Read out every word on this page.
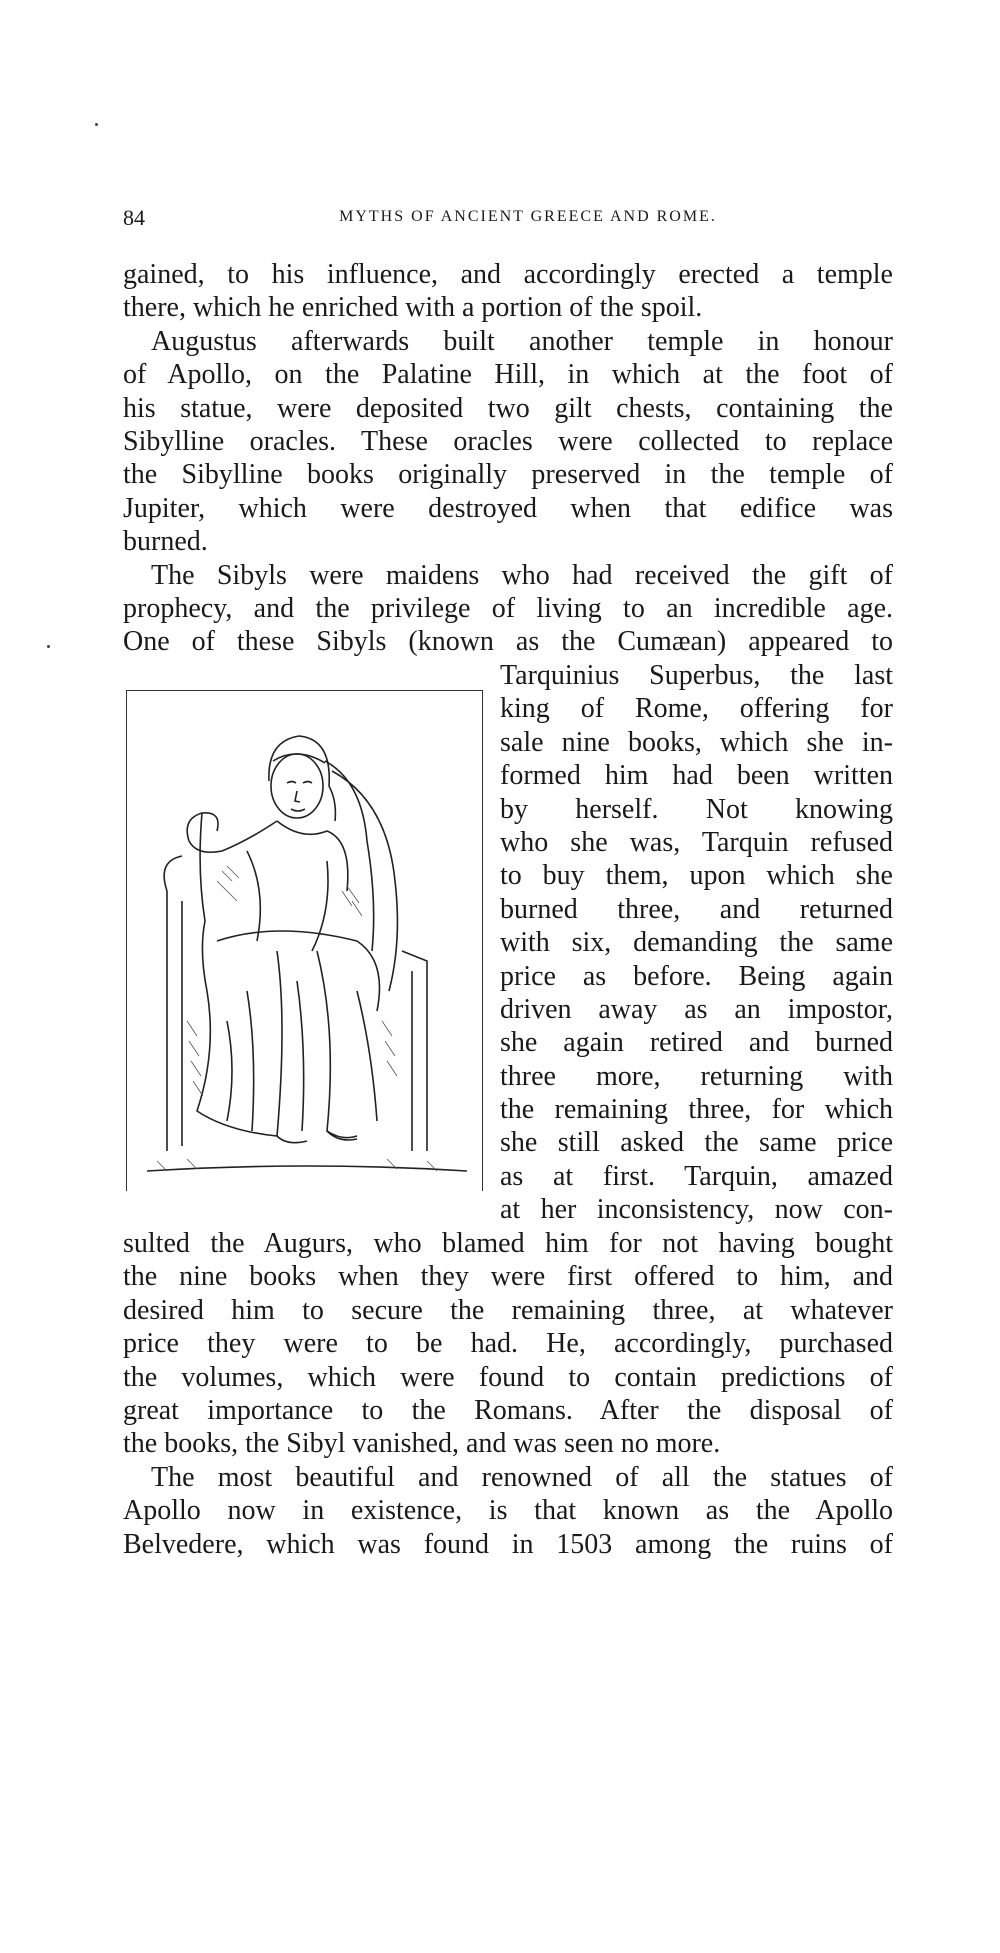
84	MYTHS OF ANCIENT GREECE AND ROME.
gained, to his influence, and accordingly erected a temple
there, which he enriched with a portion of the spoil.
Augustus afterwards built another temple in honour
of Apollo, on the Palatine Hill, in which at the foot of
his statue, were deposited two gilt chests, containing the
Sibylline oracles. These oracles were collected to replace
the Sibylline books originally preserved in the temple of
Jupiter, which were destroyed when that edifice was
burned.
The Sibyls were maidens who had received the gift of
prophecy, and the privilege of living to an incredible age.
One of these Sibyls (known as the Cumæan) appeared to
Tarquinius Superbus, the last
king of Rome, offering for
sale nine books, which she in-
formed him had been written
by herself. Not knowing
who she was, Tarquin refused
to buy them, upon which she
burned three, and returned
with six, demanding the same
price as before. Being again
driven away as an impostor,
she again retired and burned
three more, returning with
the remaining three, for which
she still asked the same price
as at first. Tarquin, amazed
at her inconsistency, now con-
sulted the Augurs, who blamed him for not having bought
the nine books when they were first offered to him, and
desired him to secure the remaining three, at whatever
price they were to be had. He, accordingly, purchased
the volumes, which were found to contain predictions of
great importance to the Romans. After the disposal of
the books, the Sibyl vanished, and was seen no more.
The most beautiful and renowned of all the statues of
Apollo now in existence, is that known as the Apollo
Belvedere, which was found in 1503 among the ruins of
